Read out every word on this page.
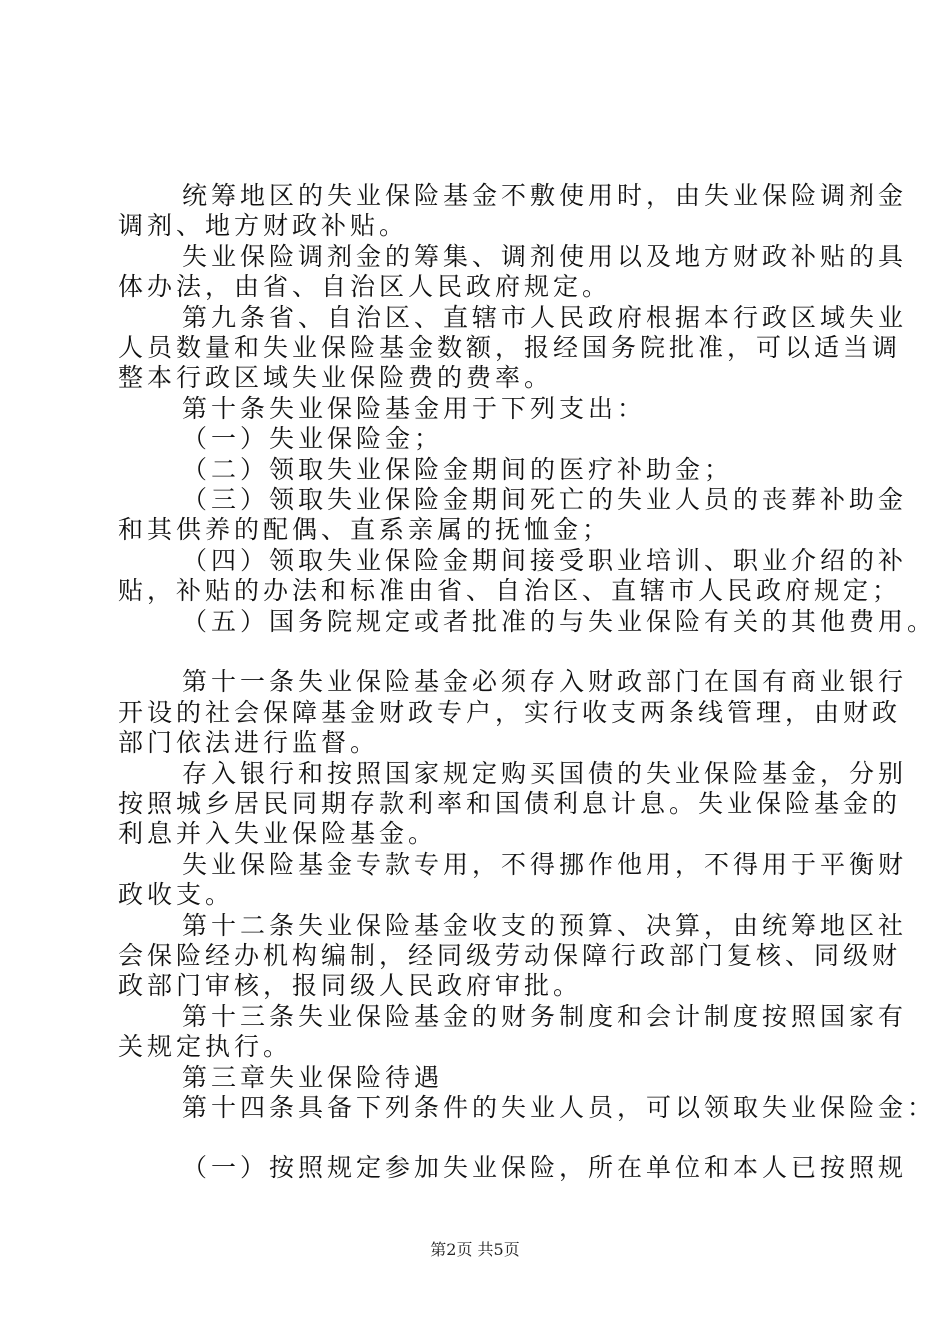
统筹地区的失业保险基金不敷使用时，由失业保险调剂金
调剂、地方财政补贴。
失业保险调剂金的筹集、调剂使用以及地方财政补贴的具
体办法，由省、自治区人民政府规定。
第九条省、自治区、直辖市人民政府根据本行政区域失业
人员数量和失业保险基金数额，报经国务院批准，可以适当调
整本行政区域失业保险费的费率。
第十条失业保险基金用于下列支出：
（一）失业保险金；
（二）领取失业保险金期间的医疗补助金；
（三）领取失业保险金期间死亡的失业人员的丧葬补助金
和其供养的配偶、直系亲属的抚恤金；
（四）领取失业保险金期间接受职业培训、职业介绍的补
贴，补贴的办法和标准由省、自治区、直辖市人民政府规定；
（五）国务院规定或者批准的与失业保险有关的其他费用。
第十一条失业保险基金必须存入财政部门在国有商业银行
开设的社会保障基金财政专户，实行收支两条线管理，由财政
部门依法进行监督。
存入银行和按照国家规定购买国债的失业保险基金，分别
按照城乡居民同期存款利率和国债利息计息。失业保险基金的
利息并入失业保险基金。
失业保险基金专款专用，不得挪作他用，不得用于平衡财
政收支。
第十二条失业保险基金收支的预算、决算，由统筹地区社
会保险经办机构编制，经同级劳动保障行政部门复核、同级财
政部门审核，报同级人民政府审批。
第十三条失业保险基金的财务制度和会计制度按照国家有
关规定执行。
第三章失业保险待遇
第十四条具备下列条件的失业人员，可以领取失业保险金：
（一）按照规定参加失业保险，所在单位和本人已按照规
第2页 共5页
